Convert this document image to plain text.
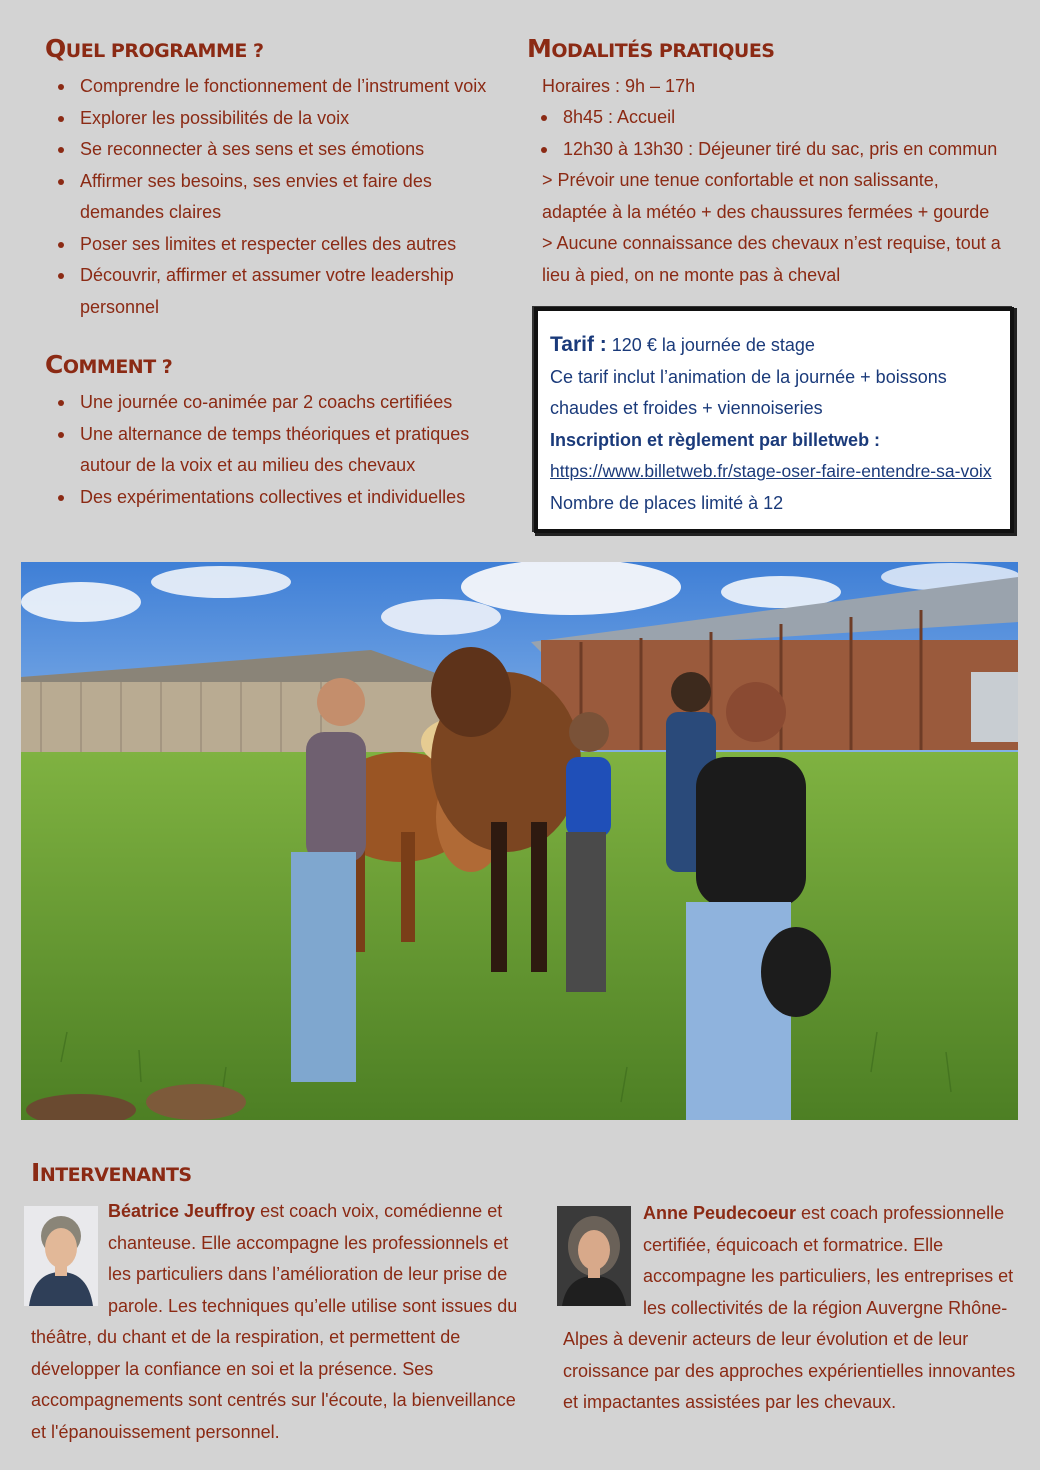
QUEL PROGRAMME ?
Comprendre le fonctionnement de l’instrument voix
Explorer les possibilités de la voix
Se reconnecter à ses sens et ses émotions
Affirmer ses besoins, ses envies et faire des demandes claires
Poser ses limites et respecter celles des autres
Découvrir, affirmer et assumer votre leadership personnel
COMMENT ?
Une journée co-animée par 2 coachs certifiées
Une alternance de temps théoriques et pratiques autour de la voix et au milieu des chevaux
Des expérimentations collectives et individuelles
MODALITÉS PRATIQUES
Horaires : 9h – 17h
8h45 : Accueil
12h30 à 13h30 : Déjeuner tiré du sac, pris en commun
> Prévoir une tenue confortable et non salissante, adaptée à la météo + des chaussures fermées + gourde
> Aucune connaissance des chevaux n’est requise, tout a lieu à pied, on ne monte pas à cheval
Tarif : 120 € la journée de stage
Ce tarif inclut l’animation de la journée + boissons chaudes et froides + viennoiseries
Inscription et règlement par billetweb :
https://www.billetweb.fr/stage-oser-faire-entendre-sa-voix
Nombre de places limité à 12
INTERVENANTS
Béatrice Jeuffroy est coach voix, comédienne et
chanteuse. Elle accompagne les professionnels et
les particuliers dans l’amélioration de leur prise de
parole. Les techniques qu’elle utilise sont issues du
théâtre, du chant et de la respiration, et permettent de
développer la confiance en soi et la présence. Ses
accompagnements sont centrés sur l'écoute, la bienveillance
et l'épanouissement personnel.
Anne Peudecoeur est coach professionnelle
certifiée, équicoach et formatrice. Elle
accompagne les particuliers, les entreprises et
les collectivités de la région Auvergne Rhône-
Alpes à devenir acteurs de leur évolution et de leur
croissance par des approches expérientielles innovantes
et impactantes assistées par les chevaux.
